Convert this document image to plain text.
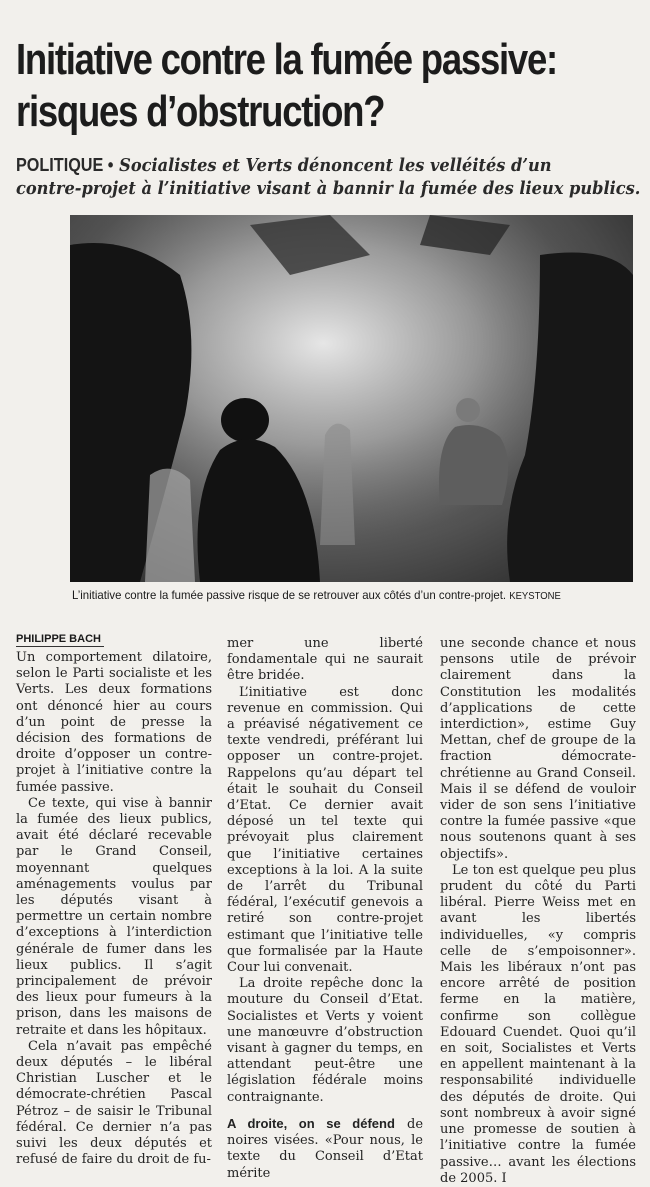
Initiative contre la fumée passive:
risques d’obstruction?
POLITIQUE • Socialistes et Verts dénoncent les velléités d’un
contre-projet à l’initiative visant à bannir la fumée des lieux publics.
L’initiative contre la fumée passive risque de se retrouver aux côtés d’un contre-projet. KEYSTONE
PHILIPPE BACH

Un comportement dilatoire, selon le Parti socialiste et les Verts. Les deux formations ont dénoncé hier au cours d’un point de presse la décision des formations de droite d’opposer un contre-projet à l’initiative contre la fumée passive.

Ce texte, qui vise à bannir la fumée des lieux publics, avait été déclaré recevable par le Grand Conseil, moyennant quelques aménagements voulus par les députés visant à permettre un certain nombre d’exceptions à l’interdiction générale de fumer dans les lieux publics. Il s’agit principalement de prévoir des lieux pour fumeurs à la prison, dans les maisons de retraite et dans les hôpitaux.

Cela n’avait pas empêché deux députés – le libéral Christian Luscher et le démocrate-chrétien Pascal Pétroz – de saisir le Tribunal fédéral. Ce dernier n’a pas suivi les deux députés et refusé de faire du droit de fu-

mer une liberté fondamentale qui ne saurait être bridée.

L’initiative est donc revenue en commission. Qui a préavisé négativement ce texte vendredi, préférant lui opposer un contre-projet. Rappelons qu’au départ tel était le souhait du Conseil d’Etat. Ce dernier avait déposé un tel texte qui prévoyait plus clairement que l’initiative certaines exceptions à la loi. A la suite de l’arrêt du Tribunal fédéral, l’exécutif genevois a retiré son contre-projet estimant que l’initiative telle que formalisée par la Haute Cour lui convenait.

La droite repêche donc la mouture du Conseil d’Etat. Socialistes et Verts y voient une manœuvre d’obstruction visant à gagner du temps, en attendant peut-être une législation fédérale moins contraignante.

A droite, on se défend de noires visées. «Pour nous, le texte du Conseil d’Etat mérite

une seconde chance et nous pensons utile de prévoir clairement dans la Constitution les modalités d’applications de cette interdiction», estime Guy Mettan, chef de groupe de la fraction démocrate-chrétienne au Grand Conseil. Mais il se défend de vouloir vider de son sens l’initiative contre la fumée passive «que nous soutenons quant à ses objectifs».

Le ton est quelque peu plus prudent du côté du Parti libéral. Pierre Weiss met en avant les libertés individuelles, «y compris celle de s’empoisonner». Mais les libéraux n’ont pas encore arrêté de position ferme en la matière, confirme son collègue Edouard Cuendet. Quoi qu’il en soit, Socialistes et Verts en appellent maintenant à la responsabilité individuelle des députés de droite. Qui sont nombreux à avoir signé une promesse de soutien à l’initiative contre la fumée passive… avant les élections de 2005. I
